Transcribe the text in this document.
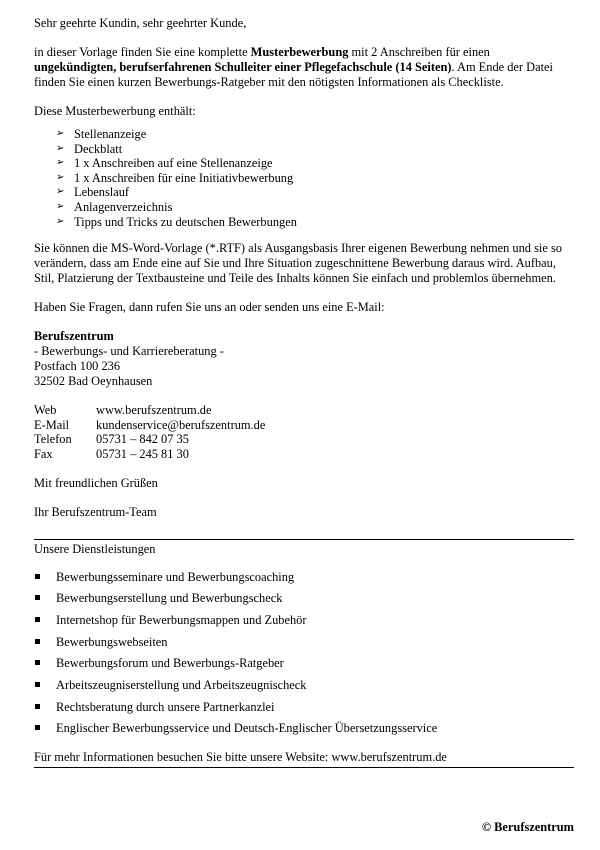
Sehr geehrte Kundin, sehr geehrter Kunde,

in dieser Vorlage finden Sie eine komplette Musterbewerbung mit 2 Anschreiben für einen ungekündigten, berufserfahrenen Schulleiter einer Pflegefachschule (14 Seiten). Am Ende der Datei finden Sie einen kurzen Bewerbungs-Ratgeber mit den nötigsten Informationen als Checkliste.

Diese Musterbewerbung enthält:

➢ Stellenanzeige
➢ Deckblatt
➢ 1 x Anschreiben auf eine Stellenanzeige
➢ 1 x Anschreiben für eine Initiativbewerbung
➢ Lebenslauf
➢ Anlagenverzeichnis
➢ Tipps und Tricks zu deutschen Bewerbungen

Sie können die MS-Word-Vorlage (*.RTF) als Ausgangsbasis Ihrer eigenen Bewerbung nehmen und sie so verändern, dass am Ende eine auf Sie und Ihre Situation zugeschnittene Bewerbung daraus wird. Aufbau, Stil, Platzierung der Textbausteine und Teile des Inhalts können Sie einfach und problemlos übernehmen.

Haben Sie Fragen, dann rufen Sie uns an oder senden uns eine E-Mail:

Berufszentrum

- Bewerbungs- und Karriereberatung -

Postfach 100 236

32502 Bad Oeynhausen

Web	www.berufszentrum.de
E-Mail	kundenservice@berufszentrum.de
Telefon	05731 – 842 07 35
Fax	05731 – 245 81 30

Mit freundlichen Grüßen

Ihr Berufszentrum-Team

Unsere Dienstleistungen

Bewerbungsseminare und Bewerbungscoaching
Bewerbungserstellung und Bewerbungscheck
Internetshop für Bewerbungsmappen und Zubehör
Bewerbungswebseiten
Bewerbungsforum und Bewerbungs-Ratgeber
Arbeitszeugniserstellung und Arbeitszeugnischeck
Rechtsberatung durch unsere Partnerkanzlei
Englischer Bewerbungsservice und Deutsch-Englischer Übersetzungsservice

Für mehr Informationen besuchen Sie bitte unsere Website: www.berufszentrum.de

© Berufszentrum
